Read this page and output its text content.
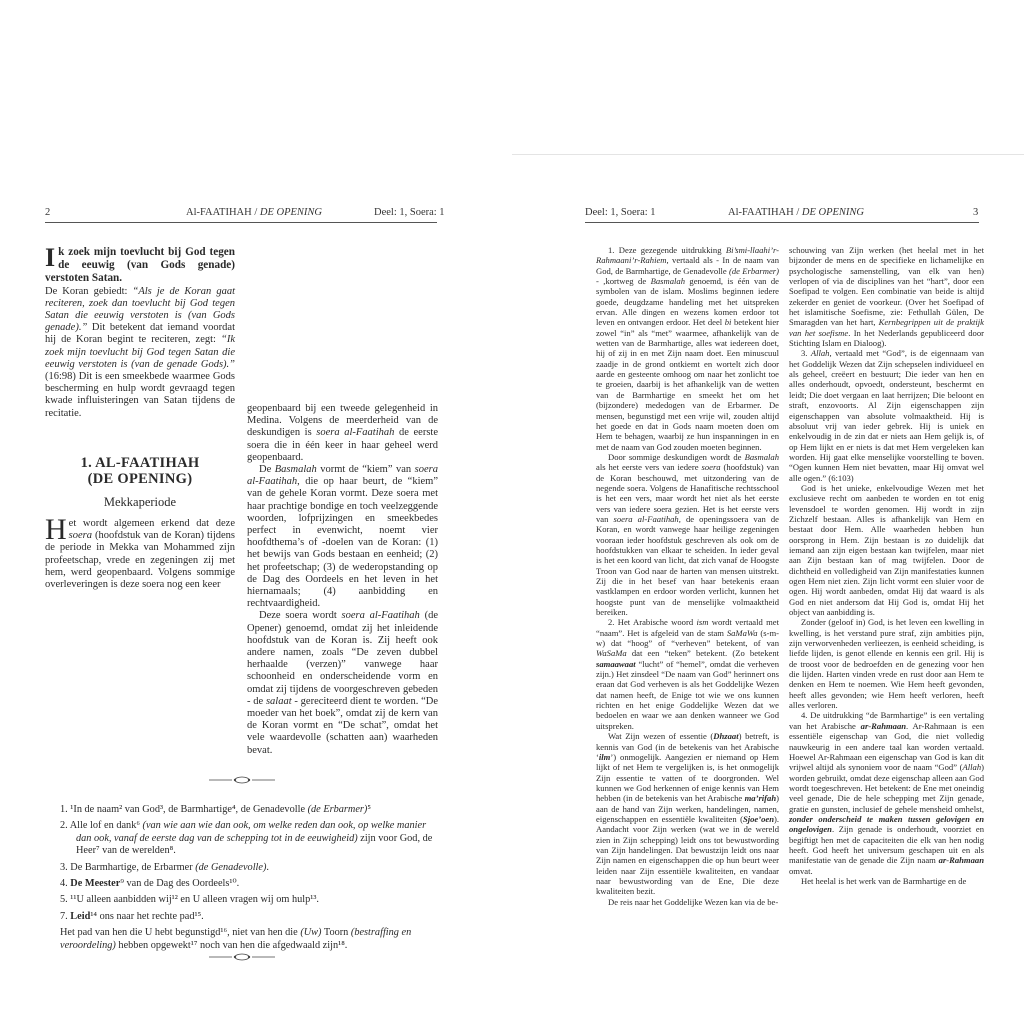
2	Al-FAATIHAH / DE OPENING	Deel: 1, Soera: 1

Ik zoek mijn toevlucht bij God tegen de eeuwig (van Gods genade) verstoten Satan.

De Koran gebiedt: “Als je de Koran gaat reciteren, zoek dan toevlucht bij God tegen Satan die eeuwig verstoten is (van Gods genade).” Dit betekent dat iemand voordat hij de Koran begint te reciteren, zegt: “Ik zoek mijn toevlucht bij God tegen Satan die eeuwig verstoten is (van de genade Gods).” (16:98) Dit is een smeekbede waarmee Gods bescherming en hulp wordt gevraagd tegen kwade influisteringen van Satan tijdens de recitatie.

1. AL-FAATIHAH
(DE OPENING)
Mekkaperiode

Het wordt algemeen erkend dat deze soera (hoofdstuk van de Koran) tijdens de periode in Mekka van Mohammed zijn profeetschap, vrede en zegeningen zij met hem, werd geopenbaard. Volgens sommige overleveringen is deze soera nog een keer

geopenbaard bij een tweede gelegenheid in Medina. Volgens de meerderheid van de deskundigen is soera al-Faatihah de eerste soera die in één keer in haar geheel werd geopenbaard.

De Basmalah vormt de “kiem” van soera al-Faatihah, die op haar beurt, de “kiem” van de gehele Koran vormt. Deze soera met haar prachtige bondige en toch veelzeggende woorden, lofprijzingen en smeekbedes perfect in evenwicht, noemt vier hoofdthema’s of -doelen van de Koran: (1) het bewijs van Gods bestaan en eenheid; (2) het profeetschap; (3) de wederopstanding op de Dag des Oordeels en het leven in het hiernamaals; (4) aanbidding en rechtvaardigheid.

Deze soera wordt soera al-Faatihah (de Opener) genoemd, omdat zij het inleidende hoofdstuk van de Koran is. Zij heeft ook andere namen, zoals “De zeven dubbel herhaalde (verzen)” vanwege haar schoonheid en onderscheidende vorm en omdat zij tijdens de voorgeschreven gebeden - de salaat - gereciteerd dient te worden. “De moeder van het boek”, omdat zij de kern van de Koran vormt en “De schat”, omdat het vele waardevolle (schatten aan) waarheden bevat.

1. ¹In de naam² van God³, de Barmhartige⁴, de Genadevolle (de Erbarmer)⁵
2. Alle lof en dank⁶ (van wie aan wie dan ook, om welke reden dan ook, op welke manier dan ook, vanaf de eerste dag van de schepping tot in de eeuwigheid) zijn voor God, de Heer⁷ van de werelden⁸.
3. De Barmhartige, de Erbarmer (de Genadevolle).
4. De Meester⁹ van de Dag des Oordeels¹⁰.
5. ¹¹U alleen aanbidden wij¹² en U alleen vragen wij om hulp¹³.
7. Leid¹⁴ ons naar het rechte pad¹⁵.
Het pad van hen die U hebt begunstigd¹⁶, niet van hen die (Uw) Toorn (bestraffing en veroordeling) hebben opgewekt¹⁷ noch van hen die afgedwaald zijn¹⁸.
Deel: 1, Soera: 1	Al-FAATIHAH / DE OPENING	3

1. Deze gezegende uitdrukking Bi’smi-llaahi’r-Rahmaani’r-Rahiem, vertaald als - In de naam van God, de Barmhartige, de Genadevolle (de Erbarmer) - ,kortweg de Basmalah genoemd, is één van de symbolen van de islam. Moslims beginnen iedere goede, deugdzame handeling met het uitspreken ervan. Alle dingen en wezens komen erdoor tot leven en ontvangen erdoor. Het deel bi betekent hier zowel “in” als “met” waarmee, afhankelijk van de wetten van de Barmhartige, alles wat iedereen doet, hij of zij in en met Zijn naam doet. Een minuscuul zaadje in de grond ontkiemt en wortelt zich door aarde en gesteente omhoog om naar het zonlicht toe te groeien, daarbij is het afhankelijk van de wetten van de Barmhartige en smeekt het om het (bijzondere) mededogen van de Erbarmer. De mensen, begunstigd met een vrije wil, zouden altijd het goede en dat in Gods naam moeten doen om Hem te behagen, waarbij ze hun inspanningen in en met de naam van God zouden moeten beginnen.

Door sommige deskundigen wordt de Basmalah als het eerste vers van iedere soera (hoofdstuk) van de Koran beschouwd, met uitzondering van de negende soera. Volgens de Hanafitische rechtsschool is het een vers, maar wordt het niet als het eerste vers van iedere soera gezien. Het is het eerste vers van soera al-Faatihah, de openingssoera van de Koran, en wordt vanwege haar heilige zegeningen vooraan ieder hoofdstuk geschreven als ook om de hoofdstukken van elkaar te scheiden. In ieder geval is het een koord van licht, dat zich vanaf de Hoogste Troon van God naar de harten van mensen uitstrekt. Zij die in het besef van haar betekenis eraan vastklampen en erdoor worden verlicht, kunnen het hoogste punt van de menselijke volmaaktheid bereiken.

2. Het Arabische woord ism wordt vertaald met “naam”. Het is afgeleid van de stam SaMaWa (s-m-w) dat “hoog” of “verheven” betekent, of van WaSaMa dat een “teken” betekent. (Zo betekent samaawaat “lucht” of “hemel”, omdat die verheven zijn.) Het zinsdeel “De naam van God” herinnert ons eraan dat God verheven is als het Goddelijke Wezen dat namen heeft, de Enige tot wie we ons kunnen richten en het enige Goddelijke Wezen dat we bedoelen en waar we aan denken wanneer we God uitspreken.

Wat Zijn wezen of essentie (Dhzaat) betreft, is kennis van God (in de betekenis van het Arabische ‘ilm’) onmogelijk. Aangezien er niemand op Hem lijkt of net Hem te vergelijken is, is het onmogelijk Zijn essentie te vatten of te doorgronden. Wel kunnen we God herkennen of enige kennis van Hem hebben (in de betekenis van het Arabische ma’rifah) aan de hand van Zijn werken, handelingen, namen, eigenschappen en essentiële kwaliteiten (Sjoe’oen). Aandacht voor Zijn werken (wat we in de wereld zien in Zijn schepping) leidt ons tot bewustwording van Zijn handelingen. Dat bewustzijn leidt ons naar Zijn namen en eigenschappen die op hun beurt weer leiden naar Zijn essentiële kwaliteiten, en vandaar naar bewustwording van de Ene, Die deze kwaliteiten bezit.

De reis naar het Goddelijke Wezen kan via de be-

schouwing van Zijn werken (het heelal met in het bijzonder de mens en de specifieke en lichamelijke en psychologische samenstelling, van elk van hen) verlopen of via de disciplines van het “hart”, door een Soefipad te volgen. Een combinatie van beide is altijd zekerder en geniet de voorkeur. (Over het Soefipad of het islamitische Soefisme, zie: Fethullah Gülen, De Smaragden van het hart, Kernbegrippen uit de praktijk van het soefisme. In het Nederlands gepubliceerd door Stichting Islam en Dialoog).

3. Allah, vertaald met “God”, is de eigennaam van het Goddelijk Wezen dat Zijn schepselen individueel en als geheel, creëert en bestuurt; Die ieder van hen en alles onderhoudt, opvoedt, ondersteunt, beschermt en leidt; Die doet vergaan en laat herrijzen; Die beloont en straft, enzovoorts. Al Zijn eigenschappen zijn eigenschappen van absolute volmaaktheid. Hij is absoluut vrij van ieder gebrek. Hij is uniek en enkelvoudig in de zin dat er niets aan Hem gelijk is, of op Hem lijkt en er niets is dat met Hem vergeleken kan worden. Hij gaat elke menselijke voorstelling te boven. “Ogen kunnen Hem niet bevatten, maar Hij omvat wel alle ogen.” (6:103)

God is het unieke, enkelvoudige Wezen met het exclusieve recht om aanbeden te worden en tot enig levensdoel te worden genomen. Hij wordt in zijn Zichzelf bestaan. Alles is afhankelijk van Hem en bestaat door Hem. Alle waarheden hebben hun oorsprong in Hem. Zijn bestaan is zo duidelijk dat iemand aan zijn eigen bestaan kan twijfelen, maar niet aan Zijn bestaan kan of mag twijfelen. Door de dichtheid en volledigheid van Zijn manifestaties kunnen ogen Hem niet zien. Zijn licht vormt een sluier voor de ogen. Hij wordt aanbeden, omdat Hij dat waard is als God en niet andersom dat Hij God is, omdat Hij het object van aanbidding is.

Zonder (geloof in) God, is het leven een kwelling in kwelling, is het verstand pure straf, zijn ambities pijn, zijn verworvenheden verlieezen, is eenheid scheiding, is liefde lijden, is genot ellende en kennis een gril. Hij is de troost voor de bedroefden en de genezing voor hen die lijden. Harten vinden vrede en rust door aan Hem te denken en Hem te noemen. Wie Hem heeft gevonden, heeft alles gevonden; wie Hem heeft verloren, heeft alles verloren.

4. De uitdrukking “de Barmhartige” is een vertaling van het Arabische ar-Rahmaan. Ar-Rahmaan is een essentiële eigenschap van God, die niet volledig nauwkeurig in een andere taal kan worden vertaald. Hoewel Ar-Rahmaan een eigenschap van God is kan dit vrijwel altijd als synoniem voor de naam “God” (Allah) worden gebruikt, omdat deze eigenschap alleen aan God wordt toegeschreven. Het betekent: de Ene met oneindig veel genade, Die de hele schepping met Zijn genade, gratie en gunsten, inclusief de gehele mensheid omhelst, zonder onderscheid te maken tussen gelovigen en ongelovigen. Zijn genade is onderhoudt, voorziet en begiftigt hen met de capaciteiten die elk van hen nodig heeft. God heeft het universum geschapen uit en als manifestatie van de genade die Zijn naam ar-Rahmaan omvat.

Het heelal is het werk van de Barmhartige en de
